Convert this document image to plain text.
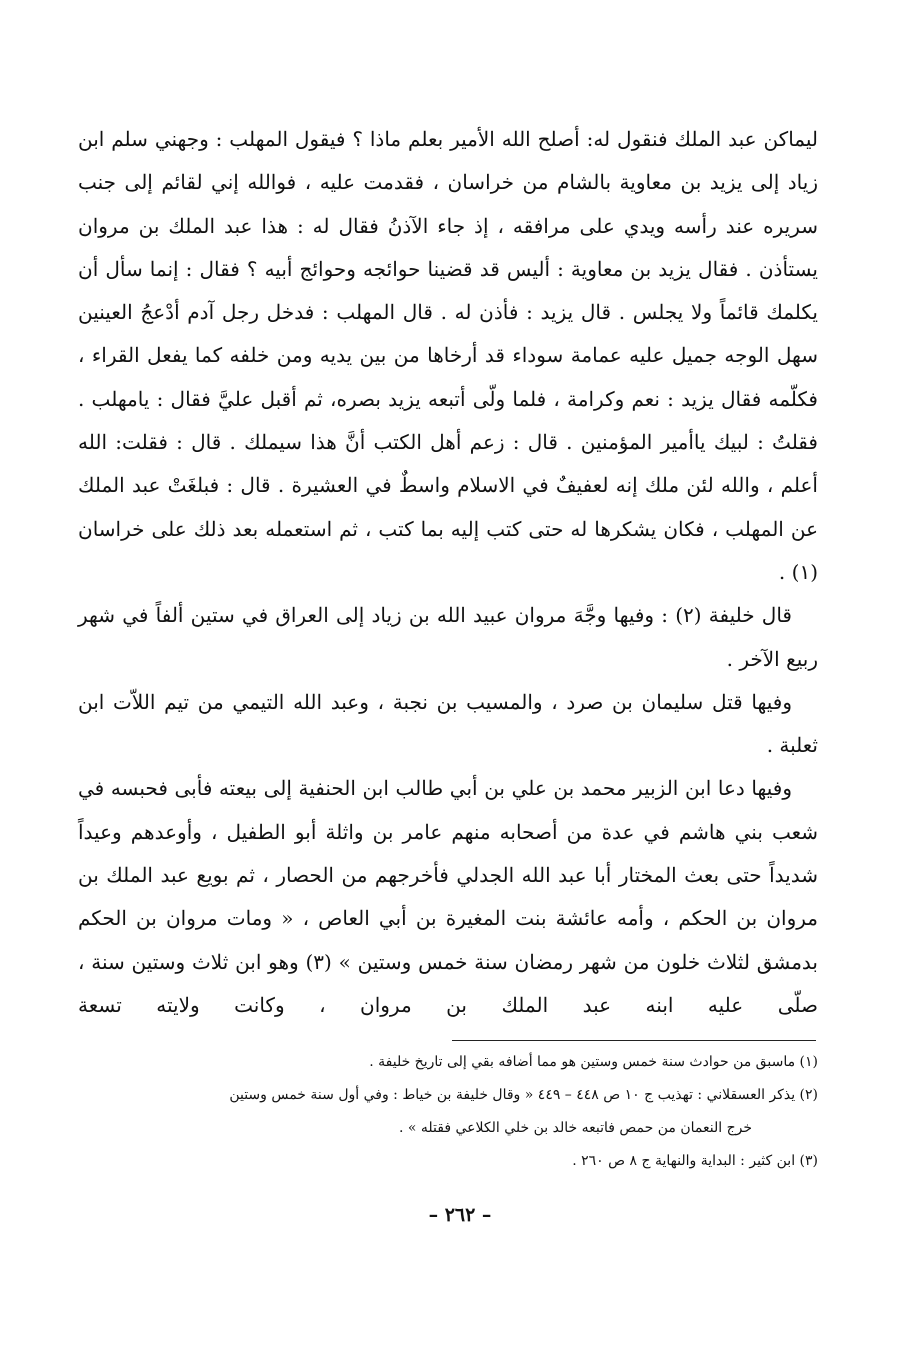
ليماكن عبد الملك فنقول له: أصلح الله الأمير بعلم ماذا ؟ فيقول المهلب : وجهني سلم ابن زياد إلى يزيد بن معاوية بالشام من خراسان ، فقدمت عليه ، فوالله إني لقائم إلى جنب سريره عند رأسه ويدي على مرافقه ، إذ جاء الآذنُ فقال له : هذا عبد الملك بن مروان يستأذن . فقال يزيد بن معاوية : أليس قد قضينا حوائجه وحوائج أبيه ؟ فقال : إنما سأل أن يكلمك قائماً ولا يجلس . قال يزيد : فأذن له . قال المهلب : فدخل رجل آدم أدْعجُ العينين سهل الوجه جميل عليه عمامة سوداء قد أرخاها من بين يديه ومن خلفه كما يفعل القراء ، فكلّمه فقال يزيد : نعم وكرامة ، فلما ولّى أتبعه يزيد بصره، ثم أقبل عليَّ فقال : يامهلب . فقلتُ : لبيك ياأمير المؤمنين . قال : زعم أهل الكتب أنَّ هذا سيملك . قال : فقلت: الله أعلم ، والله لئن ملك إنه لعفيفٌ في الاسلام واسطٌ في العشيرة . قال : فبلغَتْ عبد الملك عن المهلب ، فكان يشكرها له حتى كتب إليه بما كتب ، ثم استعمله بعد ذلك على خراسان (١) .

قال خليفة (٢) : وفيها وجَّهَ مروان عبيد الله بن زياد إلى العراق في ستين ألفاً في شهر ربيع الآخر .

وفيها قتل سليمان بن صرد ، والمسيب بن نجبة ، وعبد الله التيمي من تيم اللاّت ابن ثعلبة .

وفيها دعا ابن الزبير محمد بن علي بن أبي طالب ابن الحنفية إلى بيعته فأبى فحبسه في شعب بني هاشم في عدة من أصحابه منهم عامر بن واثلة أبو الطفيل ، وأوعدهم وعيداً شديداً حتى بعث المختار أبا عبد الله الجدلي فأخرجهم من الحصار ، ثم بويع عبد الملك بن مروان بن الحكم ، وأمه عائشة بنت المغيرة بن أبي العاص ، « ومات مروان بن الحكم بدمشق لثلاث خلون من شهر رمضان سنة خمس وستين » (٣) وهو ابن ثلاث وستين سنة ، صلّى عليه ابنه عبد الملك بن مروان ، وكانت ولايته تسعة

(١) ماسبق من حوادث سنة خمس وستين هو مما أضافه بقي إلى تاريخ خليفة .

(٢) يذكر العسقلاني : تهذيب ج ١٠ ص ٤٤٨ – ٤٤٩ « وقال خليفة بن خياط : وفي أول سنة خمس وستين

خرج النعمان من حمص فاتبعه خالد بن خلي الكلاعي فقتله » .

(٣) ابن كثير : البداية والنهاية ج ٨ ص ٢٦٠ .

– ٢٦٢ –
